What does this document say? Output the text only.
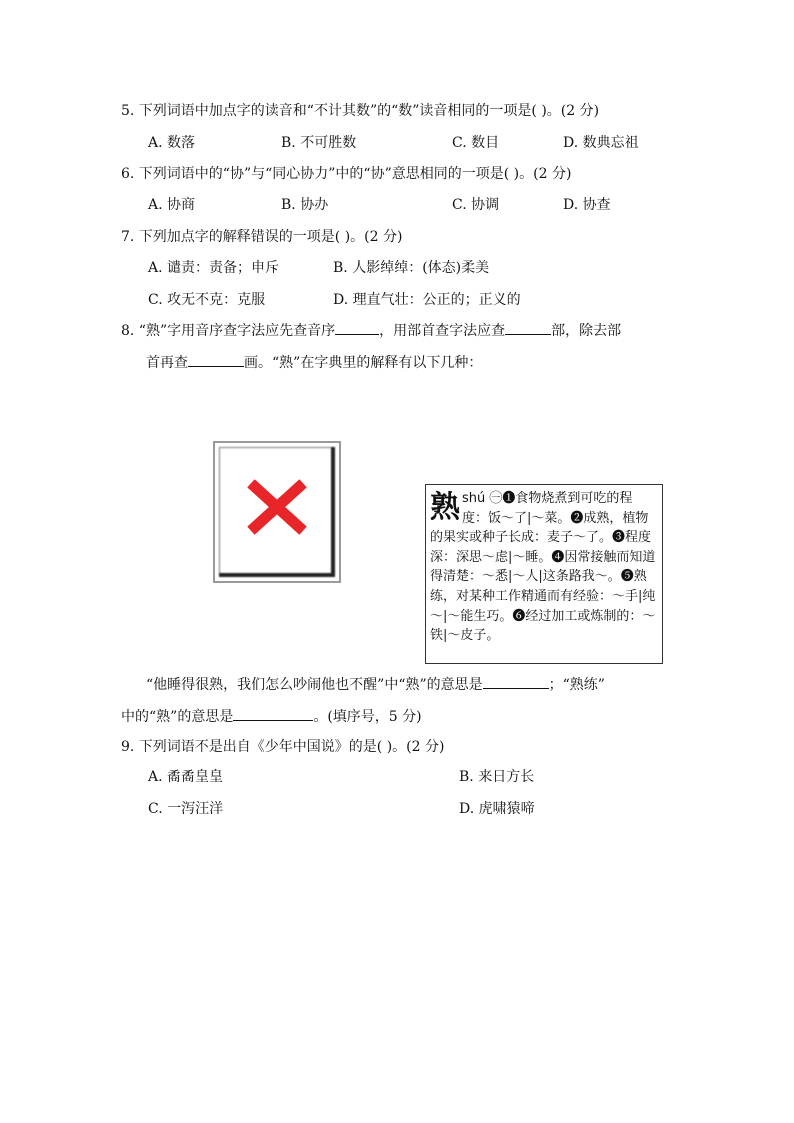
5. 下列词语中加点字的读音和“不计其数”的“数”读音相同的一项是( )。(2 分)
A. 数落	B. 不可胜数	C. 数目	D. 数典忘祖
6. 下列词语中的“协”与“同心协力”中的“协”意思相同的一项是( )。(2 分)
A. 协商	B. 协办	C. 协调	D. 协查
7. 下列加点字的解释错误的一项是( )。(2 分)
A. 谴责：责备；申斥	B. 人影绰绰：(体态)柔美
C. 攻无不克：克服	D. 理直气壮：公正的；正义的
8. “熟”字用音序查字法应先查音序	，用部首查字法应查	部，除去部
首再查	画。“熟”在字典里的解释有以下几种：
熟 shú ㊀❶食物烧煮到可吃的程度：饭～了|～菜。❷成熟，植物的果实或种子长成：麦子～了。❸程度深：深思～虑|～睡。❹因常接触而知道得清楚：～悉|～人|这条路我～。❺熟练，对某种工作精通而有经验：～手|纯～|～能生巧。❻经过加工或炼制的：～铁|～皮子。
“他睡得很熟，我们怎么吵闹他也不醒”中“熟”的意思是	；“熟练”
中的“熟”的意思是	。(填序号，5 分)
9. 下列词语不是出自《少年中国说》的是( )。(2 分)
A. 矞矞皇皇	B. 来日方长
C. 一泻汪洋	D. 虎啸猿啼
